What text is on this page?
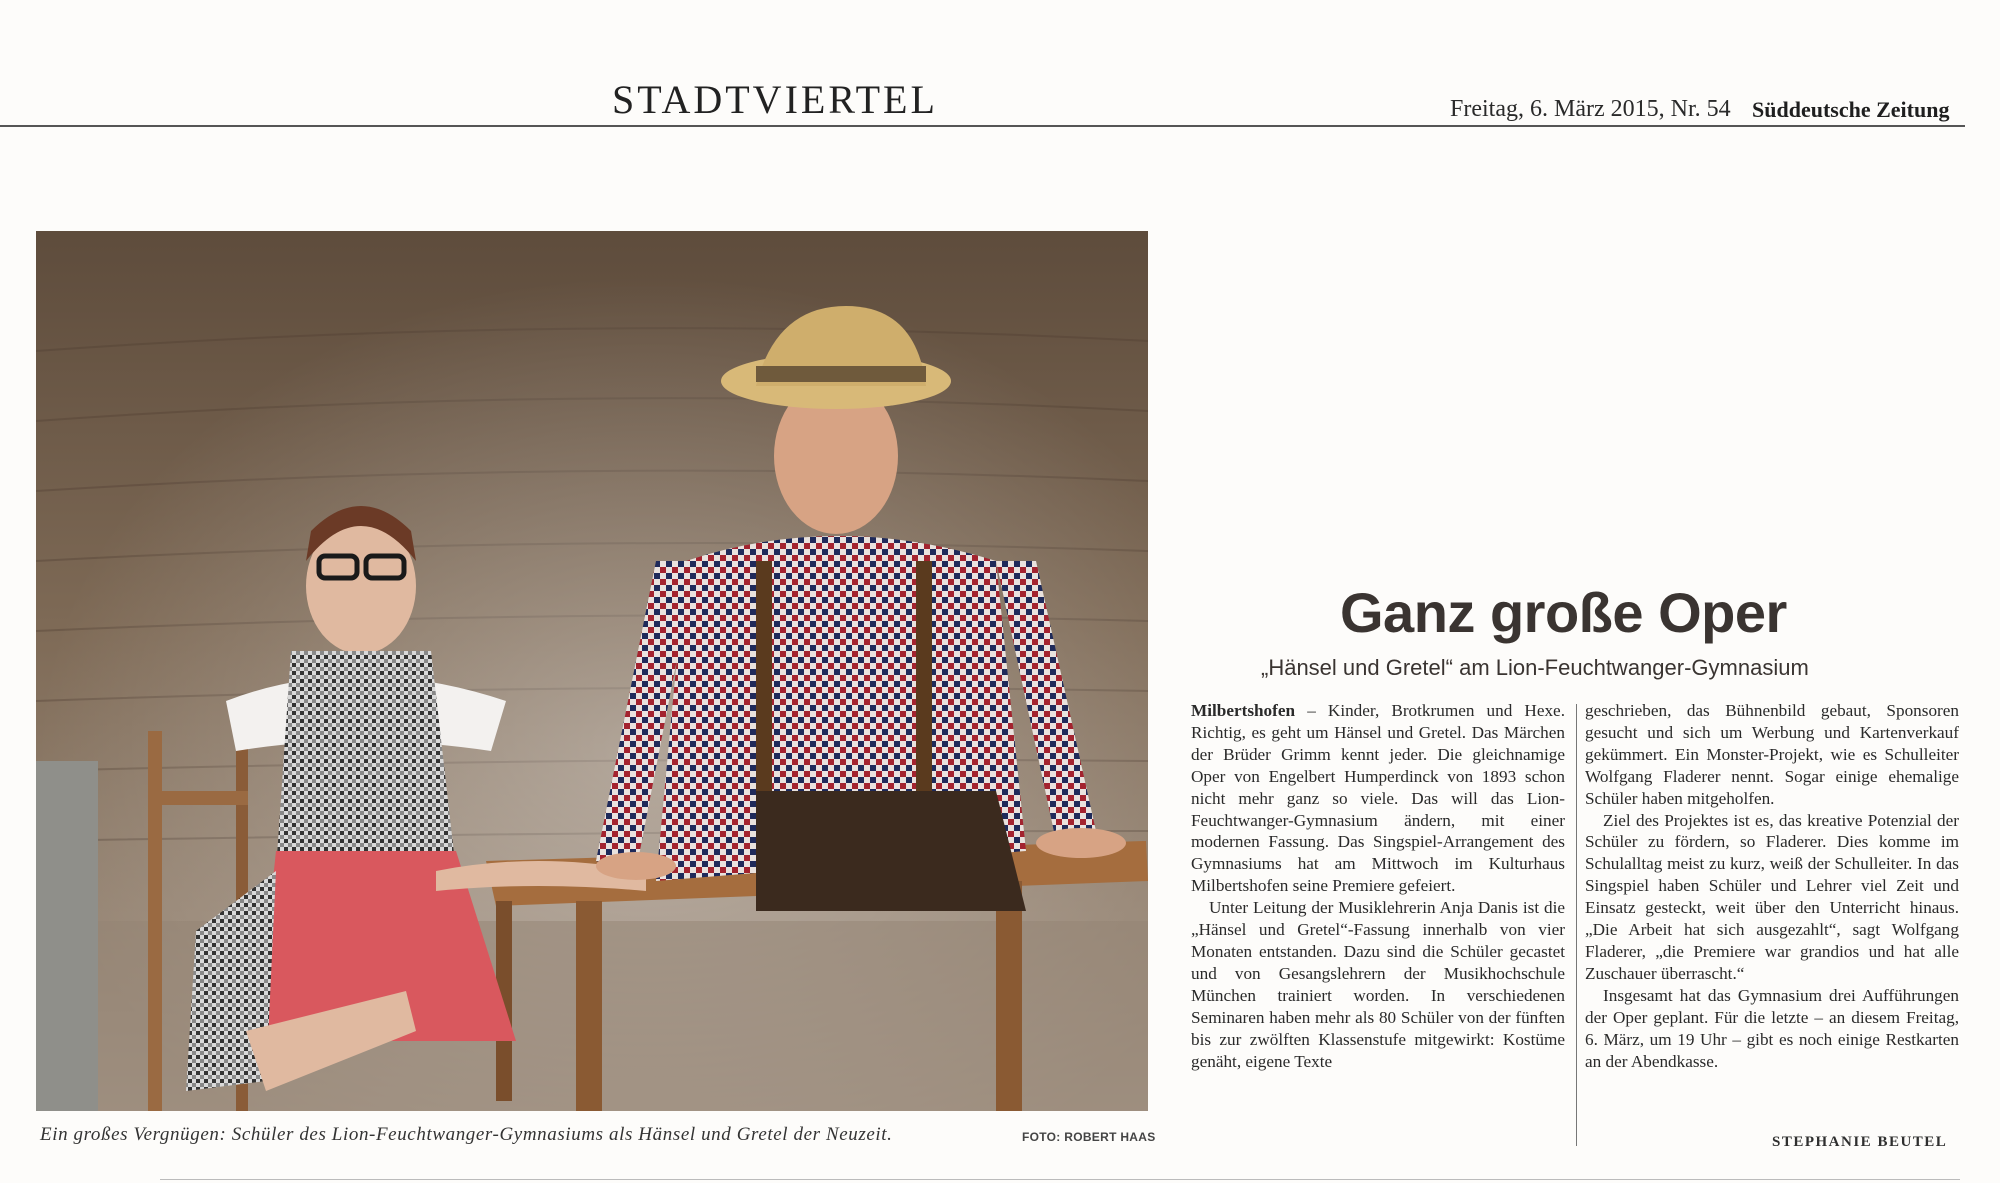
STADTVIERTEL	Freitag, 6. März 2015, Nr. 54 Süddeutsche Zeitung
Ein großes Vergnügen: Schüler des Lion-Feuchtwanger-Gymnasiums als Hänsel und Gretel der Neuzeit.	FOTO: ROBERT HAAS
Ganz große Oper
„Hänsel und Gretel“ am Lion-Feuchtwanger-Gymnasium

Milbertshofen – Kinder, Brotkrumen und Hexe. Richtig, es geht um Hänsel und Gretel. Das Märchen der Brüder Grimm kennt jeder. Die gleichnamige Oper von Engelbert Humperdinck von 1893 schon nicht mehr ganz so viele. Das will das Lion-Feuchtwanger-Gymnasium ändern, mit einer modernen Fassung. Das Singspiel-Arrangement des Gymnasiums hat am Mittwoch im Kulturhaus Milbertshofen seine Premiere gefeiert.

Unter Leitung der Musiklehrerin Anja Danis ist die „Hänsel und Gretel“-Fassung innerhalb von vier Monaten entstanden. Dazu sind die Schüler gecastet und von Gesangslehrern der Musikhochschule München trainiert worden. In verschiedenen Seminaren haben mehr als 80 Schüler von der fünften bis zur zwölften Klassenstufe mitgewirkt: Kostüme genäht, eigene Texte

geschrieben, das Bühnenbild gebaut, Sponsoren gesucht und sich um Werbung und Kartenverkauf gekümmert. Ein Monster-Projekt, wie es Schulleiter Wolfgang Fladerer nennt. Sogar einige ehemalige Schüler haben mitgeholfen.

Ziel des Projektes ist es, das kreative Potenzial der Schüler zu fördern, so Fladerer. Dies komme im Schulalltag meist zu kurz, weiß der Schulleiter. In das Singspiel haben Schüler und Lehrer viel Zeit und Einsatz gesteckt, weit über den Unterricht hinaus. „Die Arbeit hat sich ausgezahlt“, sagt Wolfgang Fladerer, „die Premiere war grandios und hat alle Zuschauer überrascht.“

Insgesamt hat das Gymnasium drei Aufführungen der Oper geplant. Für die letzte – an diesem Freitag, 6. März, um 19 Uhr – gibt es noch einige Restkarten an der Abendkasse.

STEPHANIE BEUTEL
